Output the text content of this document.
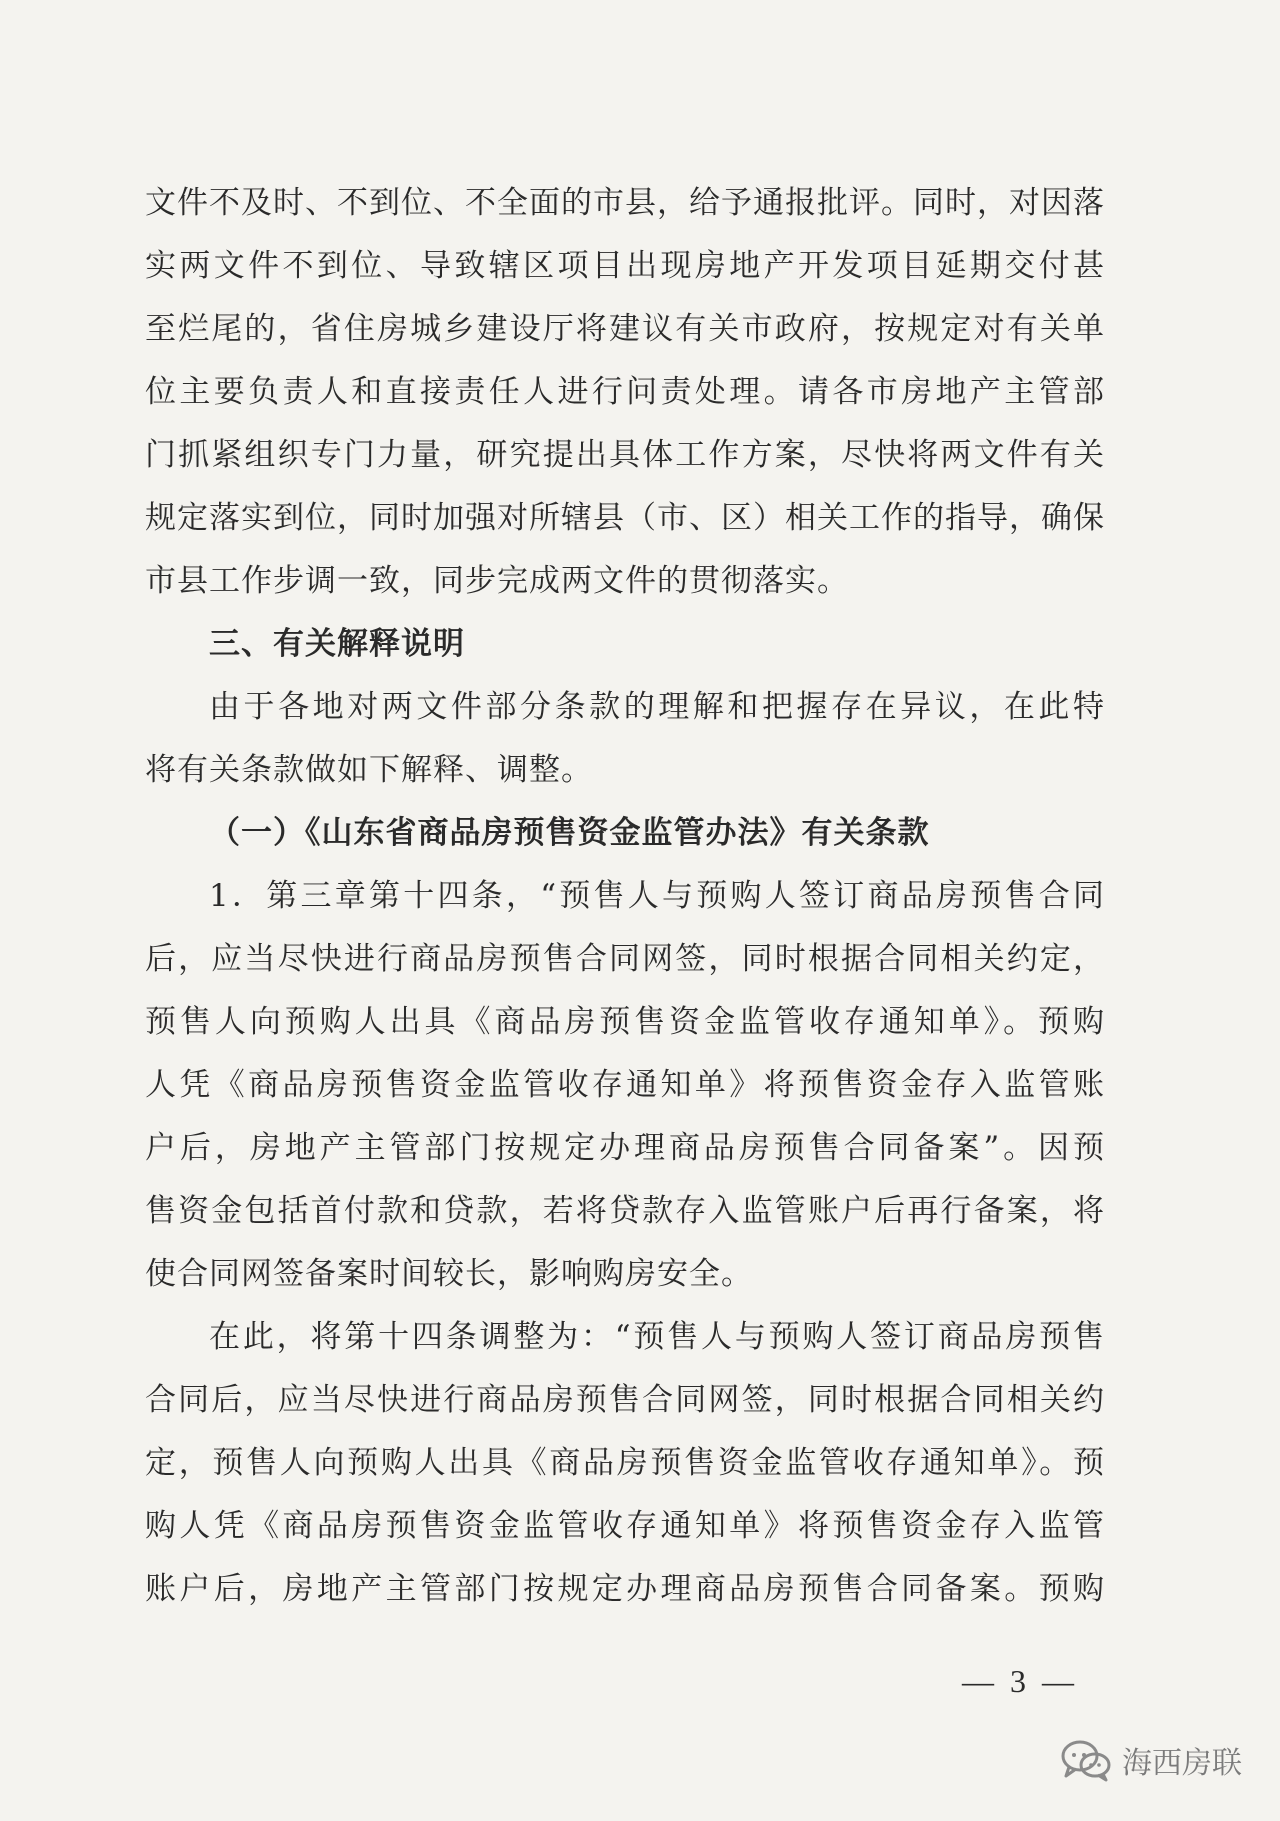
文件不及时、不到位、不全面的市县，给予通报批评。同时，对因落
实两文件不到位、导致辖区项目出现房地产开发项目延期交付甚
至烂尾的，省住房城乡建设厅将建议有关市政府，按规定对有关单
位主要负责人和直接责任人进行问责处理。请各市房地产主管部
门抓紧组织专门力量，研究提出具体工作方案，尽快将两文件有关
规定落实到位，同时加强对所辖县（市、区）相关工作的指导，确保
市县工作步调一致，同步完成两文件的贯彻落实。
三、有关解释说明
由于各地对两文件部分条款的理解和把握存在异议，在此特
将有关条款做如下解释、调整。
（一）《山东省商品房预售资金监管办法》有关条款
1．第三章第十四条，“预售人与预购人签订商品房预售合同
后，应当尽快进行商品房预售合同网签，同时根据合同相关约定，
预售人向预购人出具《商品房预售资金监管收存通知单》。预购
人凭《商品房预售资金监管收存通知单》将预售资金存入监管账
户后，房地产主管部门按规定办理商品房预售合同备案”。因预
售资金包括首付款和贷款，若将贷款存入监管账户后再行备案，将
使合同网签备案时间较长，影响购房安全。
在此，将第十四条调整为：“预售人与预购人签订商品房预售
合同后，应当尽快进行商品房预售合同网签，同时根据合同相关约
定，预售人向预购人出具《商品房预售资金监管收存通知单》。预
购人凭《商品房预售资金监管收存通知单》将预售资金存入监管
账户后，房地产主管部门按规定办理商品房预售合同备案。预购
— 3 —
海西房联
